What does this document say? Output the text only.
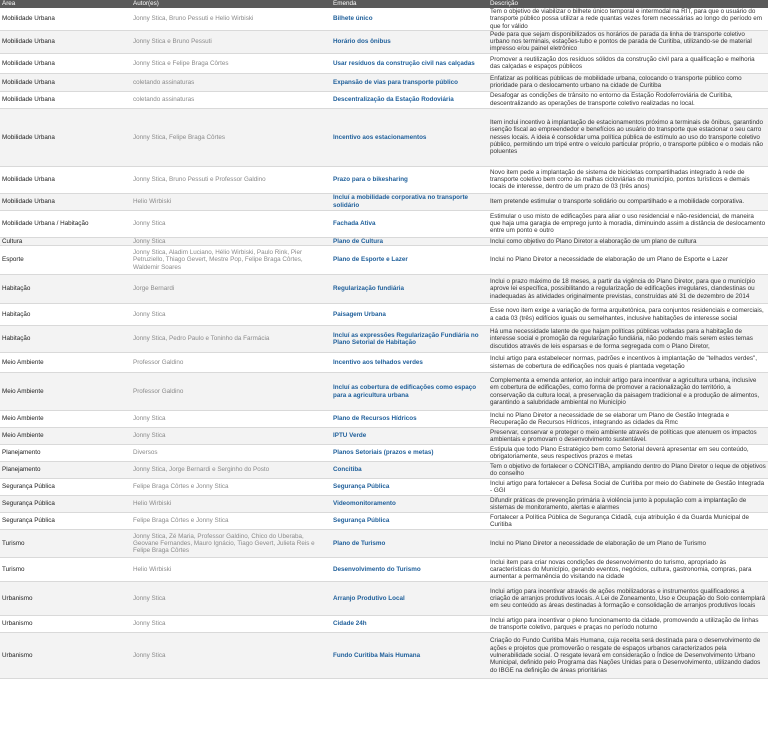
Área	Autor(es)	Emenda	Descrição
Mobilidade Urbana	Jonny Stica, Bruno Pessuti e Helio Wirbiski	Bilhete único	Tem o objetivo de viabilizar o bilhete único temporal e intermodal na RIT, para que o usuário do transporte público possa utilizar a rede quantas vezes forem necessárias ao longo do período em que for válido
Mobilidade Urbana	Jonny Stica e Bruno Pessuti	Horário dos ônibus	Pede para que sejam disponibilizados os horários de parada da linha de transporte coletivo urbano nos terminais, estações-tubo e pontos de parada de Curitiba, utilizando-se de material impresso e/ou painel eletrônico
Mobilidade Urbana	Jonny Stica e Felipe Braga Côrtes	Usar resíduos da construção civil nas calçadas	Promover a reutilização dos resíduos sólidos da construção civil para a qualificação e melhoria das calçadas e espaços públicos
Mobilidade Urbana	coletando assinaturas	Expansão de vias para transporte público	Enfatizar as políticas públicas de mobilidade urbana, colocando o transporte público como prioridade para o deslocamento urbano na cidade de Curitiba
Mobilidade Urbana	coletando assinaturas	Descentralização da Estação Rodoviária	Desafogar as condições de trânsito no entorno da Estação Rodoferroviária de Curitiba, descentralizando as operações de transporte coletivo realizadas no local.
Mobilidade Urbana	Jonny Stica, Felipe Braga Côrtes	Incentivo aos estacionamentos	Item inclui incentivo à implantação de estacionamentos próximo a terminais de ônibus, garantindo isenção fiscal ao empreendedor e benefícios ao usuário do transporte que estacionar o seu carro nesses locais. A ideia é consolidar uma política pública de estímulo ao uso do transporte coletivo público, permitindo um tripé entre o veículo particular próprio, o transporte público e o modais não poluentes
Mobilidade Urbana	Jonny Stica, Bruno Pessuti e Professor Galdino	Prazo para o bikesharing	Novo item pede a implantação de sistema de bicicletas compartilhadas integrado à rede de transporte coletivo bem como às malhas cicloviárias do município, pontos turísticos e demais locais de interesse, dentro de um prazo de 03 (três anos)
Mobilidade Urbana	Helio Wirbiski	Incluí a mobilidade corporativa no transporte solidário	Item pretende estimular o transporte solidário ou compartilhado e a mobilidade corporativa.
Mobilidade Urbana / Habitação	Jonny Stica	Fachada Ativa	Estimular o uso misto de edificações para aliar o uso residencial e não-residencial, de maneira que haja uma garagia de emprego junto à moradia, diminuindo assim a distância de deslocamento entre um ponto e outro
Cultura	Jonny Stica	Plano de Cultura	Inclui como objetivo do Plano Diretor a elaboração de um plano de cultura
Esporte	Jonny Stica, Aladim Luciano, Hélio Wirbiski, Paulo Rink, Pier Petruziello, Thiago Gevert, Mestre Pop, Felipe Braga Côrtes, Waldemir Soares	Plano de Esporte e Lazer	Inclui no Plano Diretor a necessidade de elaboração de um Plano de Esporte e Lazer
Habitação	Jorge Bernardi	Regularização fundiária	Inclui o prazo máximo de 18 meses, a partir da vigência do Plano Diretor, para que o município aprove lei específica, possibilitando a regularização de edificações irregulares, clandestinas ou inadequadas às atividades originalmente previstas, construídas até 31 de dezembro de 2014
Habitação	Jonny Stica	Paisagem Urbana	Esse novo item exige a variação de forma arquitetônica, para conjuntos residenciais e comerciais, a cada 03 (três) edifícios iguais ou semelhantes, inclusive habitações de interesse social
Habitação	Jonny Stica, Pedro Paulo e Toninho da Farmácia	Incluí as expressões Regularização Fundiária no Plano Setorial de Habitação	Há uma necessidade latente de que hajam políticas públicas voltadas para a habitação de interesse social e promoção da regularização fundiária, não podendo mais serem estes temas discutidos através de leis esparsas e de forma segregada com o Plano Diretor,
Meio Ambiente	Professor Galdino	Incentivo aos telhados verdes	Inclui artigo para estabelecer normas, padrões e incentivos à implantação de "telhados verdes", sistemas de cobertura de edificações nos quais é plantada vegetação
Meio Ambiente	Professor Galdino	Incluí as cobertura de edificações como espaço para a agricultura urbana	Complementa a emenda anterior, ao incluir artigo para incentivar a agricultura urbana, inclusive em cobertura de edificações, como forma de promover a racionalização do território, a conservação da cultura local, a preservação da paisagem tradicional e a produção de alimentos, garantindo a salubridade ambiental no Município
Meio Ambiente	Jonny Stica	Plano de Recursos Hídricos	Inclui no Plano Diretor a necessidade de se elaborar um Plano de Gestão Integrada e Recuperação de Recursos Hídricos, integrando as cidades da Rmc
Meio Ambiente	Jonny Stica	IPTU Verde	Preservar, conservar e proteger o meio ambiente através de políticas que atenuem os impactos ambientais e promovam o desenvolvimento sustentável.
Planejamento	Diversos	Planos Setoriais (prazos e metas)	Estipula que todo Plano Estratégico bem como Setorial deverá apresentar em seu conteúdo, obrigatoriamente, seus respectivos prazos e metas
Planejamento	Jonny Stica, Jorge Bernardi e Serginho do Posto	Concitiba	Tem o objetivo de fortalecer o CONCITIBA, ampliando dentro do Plano Diretor o leque de objetivos do conselho
Segurança Pública	Felipe Braga Côrtes e Jonny Stica	Segurança Pública	Inclui artigo para fortalecer a Defesa Social de Curitiba por meio do Gabinete de Gestão Integrada - GGI
Segurança Pública	Helio Wirbiski	Videomonitoramento	Difundir práticas de prevenção primária à violência junto à população com a implantação de sistemas de monitoramento, alertas e alarmes
Segurança Pública	Felipe Braga Côrtes e Jonny Stica	Segurança Pública	Fortalecer a Política Pública de Segurança Cidadã, cuja atribuição é da Guarda Municipal de Curitiba
Turismo	Jonny Stica, Zé Maria, Professor Galdino, Chico do Uberaba, Geovane Fernandes, Mauro Ignácio, Tiago Gevert, Julieta Reis e Felipe Braga Côrtes	Plano de Turismo	Inclui no Plano Diretor a necessidade de elaboração de um Plano de Turismo
Turismo	Helio Wirbiski	Desenvolvimento do Turismo	Inclui item para criar novas condições de desenvolvimento do turismo, apropriado às características do Município, gerando eventos, negócios, cultura, gastronomia, compras, para aumentar a permanência do visitando na cidade
Urbanismo	Jonny Stica	Arranjo Produtivo Local	Inclui artigo para incentivar através de ações mobilizadoras e instrumentos qualificadores a criação de arranjos produtivos locais. A Lei de Zoneamento, Uso e Ocupação do Solo contemplará em seu conteúdo as áreas destinadas à formação e consolidação de arranjos produtivos locais
Urbanismo	Jonny Stica	Cidade 24h	Inclui artigo para incentivar o pleno funcionamento da cidade, promovendo a utilização de linhas de transporte coletivo, parques e praças no período noturno
Urbanismo	Jonny Stica	Fundo Curitiba Mais Humana	Criação do Fundo Curitiba Mais Humana, cuja receita será destinada para o desenvolvimento de ações e projetos que promoverão o resgate de espaços urbanos caracterizados pela vulnerabilidade social. O resgate levará em consideração o Índice de Desenvolvimento Urbano Municipal, definido pelo Programa das Nações Unidas para o Desenvolvimento, utilizando dados do IBGE na definição de áreas prioritárias
